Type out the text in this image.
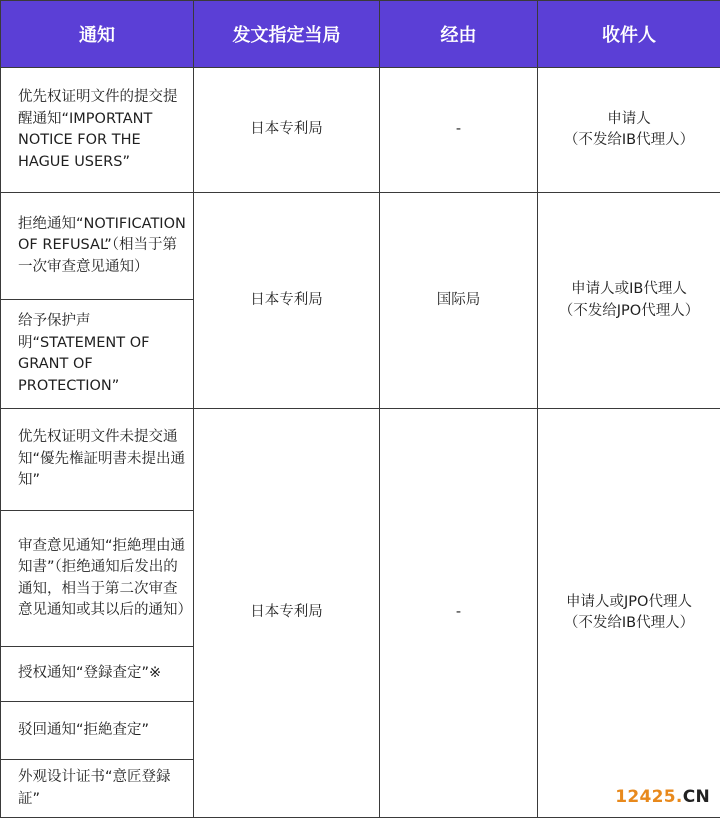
通知	发文指定当局	经由	收件人
优先权证明文件的提交提醒通知“IMPORTANT NOTICE FOR THE HAGUE USERS”	日本专利局	-	申请人
（不发给IB代理人）

拒绝通知“NOTIFICATION OF REFUSAL”（相当于第一次审查意见通知）	日本专利局	国际局	申请人或IB代理人
（不发给JPO代理人）

给予保护声明“STATEMENT OF GRANT OF PROTECTION”			
优先权证明文件未提交通知“優先権証明書未提出通知”	日本专利局	-	申请人或JPO代理人
（不发给IB代理人）

审查意见通知“拒絶理由通知書”（拒绝通知后发出的通知，相当于第二次审查意见通知或其以后的通知）			
授权通知“登録査定”※			
驳回通知“拒絶査定”			
外观设计证书“意匠登録証”				12425.CN
